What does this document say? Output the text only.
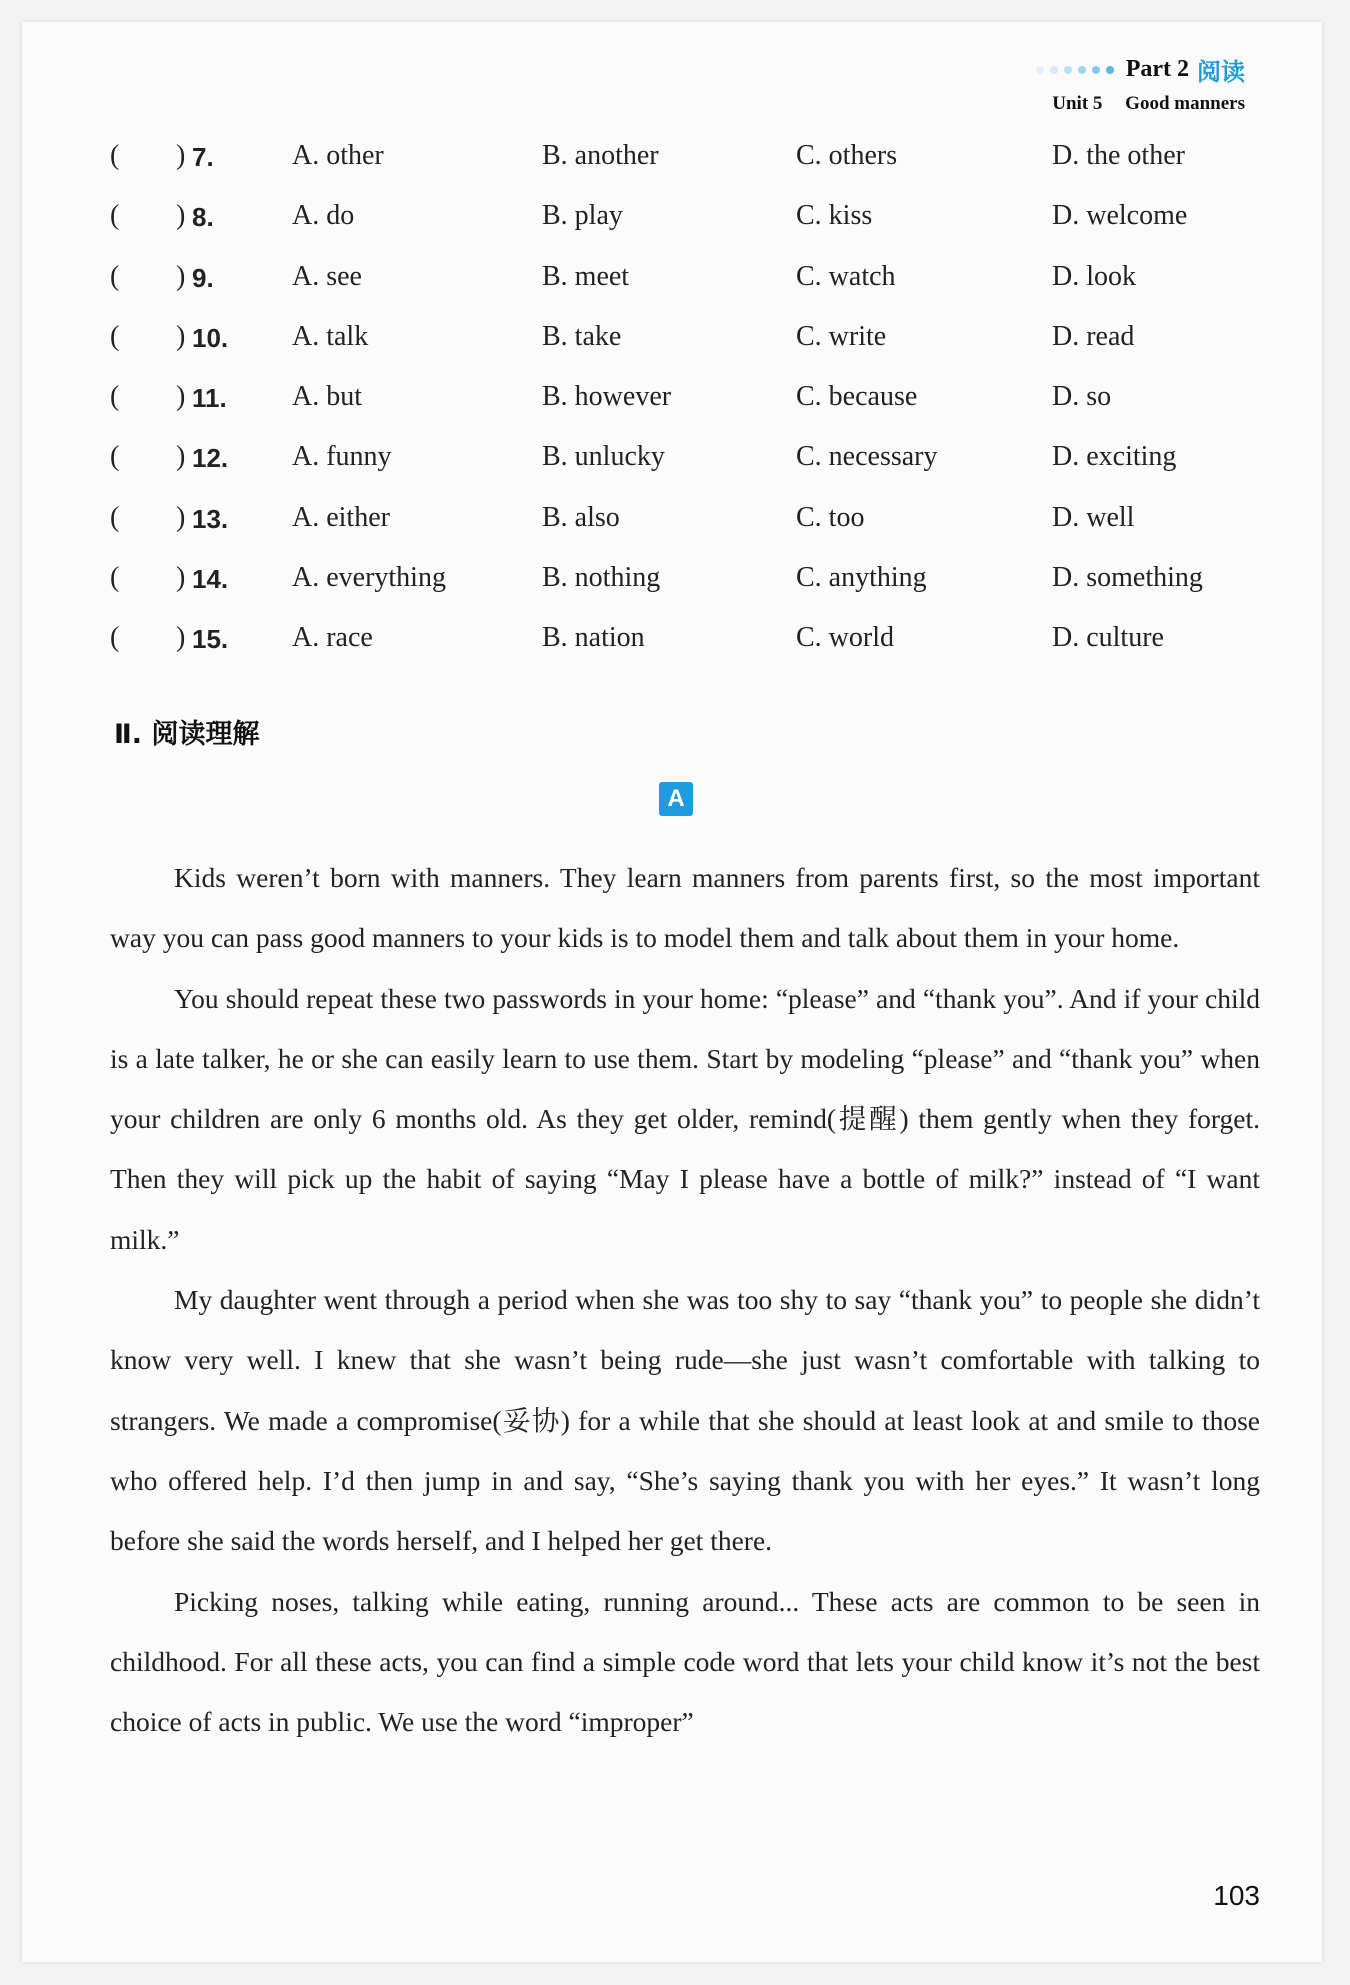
Part 2 阅读
Unit 5 Good manners
( ) 7.	A. other	B. another	C. others	D. the other
( ) 8.	A. do	B. play	C. kiss	D. welcome
( ) 9.	A. see	B. meet	C. watch	D. look
( ) 10. A. talk	B. take	C. write	D. read
( ) 11. A. but	B. however	C. because	D. so
( ) 12. A. funny	B. unlucky	C. necessary	D. exciting
( ) 13. A. either	B. also	C. too	D. well
( ) 14. A. everything	B. nothing	C. anything	D. something
( ) 15. A. race	B. nation	C. world	D. culture
Ⅱ. 阅读理解
A

Kids weren’t born with manners. They learn manners from parents first, so the most important way you can pass good manners to your kids is to model them and talk about them in your home.

You should repeat these two passwords in your home: “please” and “thank you”. And if your child is a late talker, he or she can easily learn to use them. Start by modeling “please” and “thank you” when your children are only 6 months old. As they get older, remind(提醒) them gently when they forget. Then they will pick up the habit of saying “May I please have a bottle of milk?” instead of “I want milk.”

My daughter went through a period when she was too shy to say “thank you” to people she didn’t know very well. I knew that she wasn’t being rude—she just wasn’t comfortable with talking to strangers. We made a compromise(妥协) for a while that she should at least look at and smile to those who offered help. I’d then jump in and say, “She’s saying thank you with her eyes.” It wasn’t long before she said the words herself, and I helped her get there.

Picking noses, talking while eating, running around... These acts are common to be seen in childhood. For all these acts, you can find a simple code word that lets your child know it’s not the best choice of acts in public. We use the word “improper”

103
